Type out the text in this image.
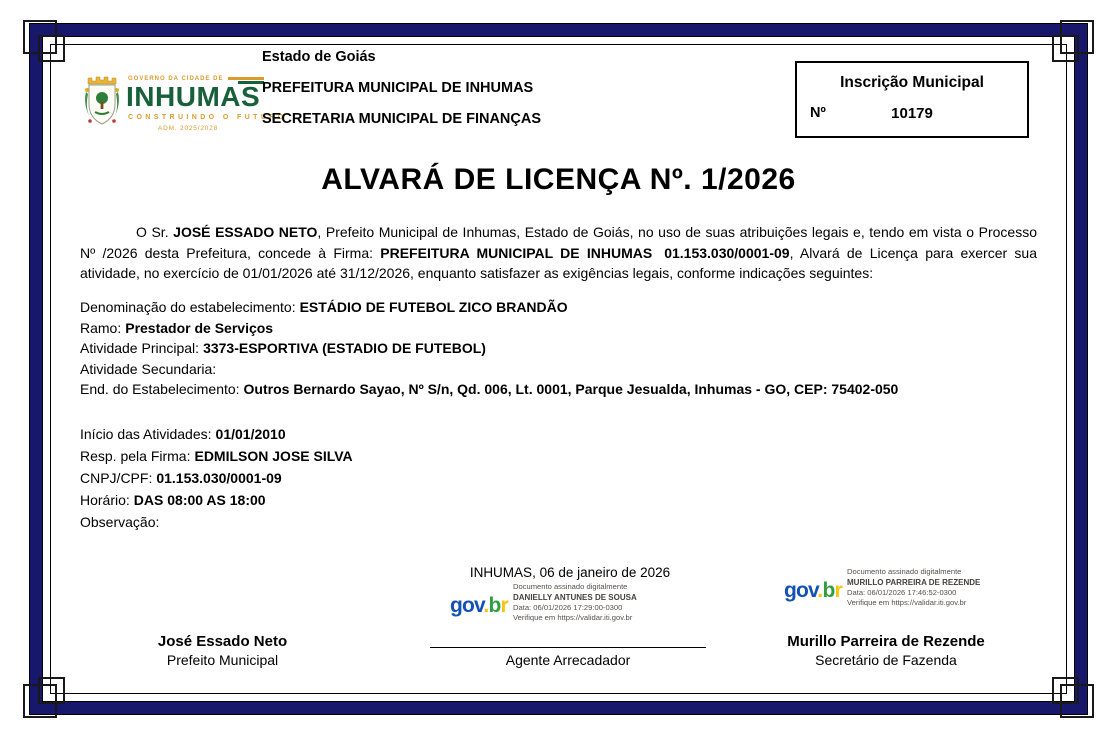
GOVERNO DA CIDADE DE
INHUMAS
CONSTRUINDO O FUTURO
ADM. 2025/2028
Estado de Goiás
PREFEITURA MUNICIPAL DE INHUMAS
SECRETARIA MUNICIPAL DE FINANÇAS
Inscrição Municipal
Nº	10179
ALVARÁ DE LICENÇA Nº. 1/2026
O Sr. JOSÉ ESSADO NETO, Prefeito Municipal de Inhumas, Estado de Goiás, no uso de suas atribuições legais e, tendo em vista o Processo Nº /2026 desta Prefeitura, concede à Firma: PREFEITURA MUNICIPAL DE INHUMAS 01.153.030/0001-09, Alvará de Licença para exercer sua atividade, no exercício de 01/01/2026 até 31/12/2026, enquanto satisfazer as exigências legais, conforme indicações seguintes:
Denominação do estabelecimento: ESTÁDIO DE FUTEBOL ZICO BRANDÃO
Ramo: Prestador de Serviços
Atividade Principal: 3373-ESPORTIVA (ESTADIO DE FUTEBOL)
Atividade Secundaria:
End. do Estabelecimento: Outros Bernardo Sayao, Nº S/n, Qd. 006, Lt. 0001, Parque Jesualda, Inhumas - GO, CEP: 75402-050
Início das Atividades: 01/01/2010
Resp. pela Firma: EDMILSON JOSE SILVA
CNPJ/CPF: 01.153.030/0001-09
Horário: DAS 08:00 AS 18:00
Observação:
INHUMAS, 06 de janeiro de 2026
Documento assinado digitalmente
gov.br DANIELLY ANTUNES DE SOUSA
Data: 06/01/2026 17:29:00-0300
Verifique em https://validar.iti.gov.br
Documento assinado digitalmente
gov.br MURILLO PARREIRA DE REZENDE
Data: 06/01/2026 17:46:52-0300
Verifique em https://validar.iti.gov.br
José Essado Neto
Prefeito Municipal	Agente Arrecadador
Murillo Parreira de Rezende
Secretário de Fazenda
